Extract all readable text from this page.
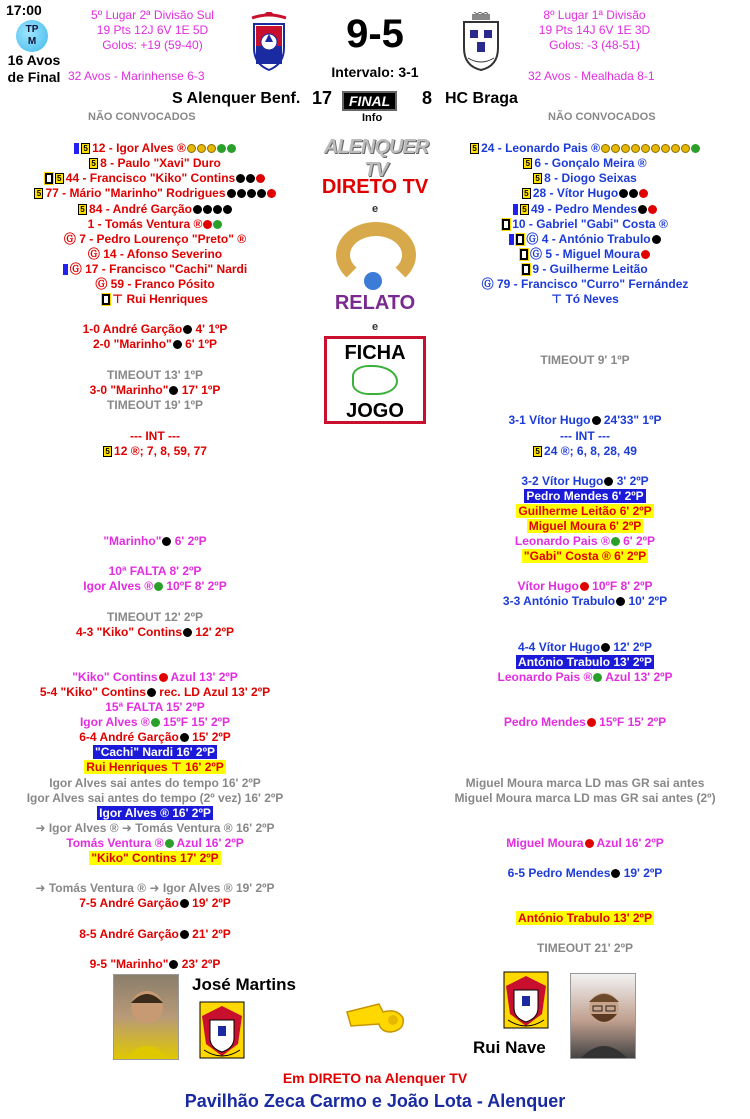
17:00
TP
M
16 Avos de Final
5º Lugar 2ª Divisão Sul
19 Pts 12J 6V 1E 5D
Golos: +19 (59-40)
32 Avos - Marinhense 6-3
9-5
Intervalo: 3-1
8º Lugar 1ª Divisão
19 Pts 14J 6V 1E 3D
Golos: -3 (48-51)
32 Avos - Mealhada 8-1
S Alenquer Benf. 17	FINAL	8 HC Braga
Info
NÃO CONVOCADOS	NÃO CONVOCADOS
5 12 - Igor Alves ®
5 8 - Paulo "Xavi" Duro
5 44 - Francisco "Kiko" Contins
5 77 - Mário "Marinho" Rodrigues
5 84 - André Garção
1 - Tomás Ventura ®
Ⓖ 7 - Pedro Lourenço "Preto" ®
Ⓖ 14 - Afonso Severino
Ⓖ 17 - Francisco "Cachi" Nardi
Ⓖ 59 - Franco Pósito
⊤ Rui Henriques
1-0 André Garção 4' 1ºP
2-0 "Marinho" 6' 1ºP
TIMEOUT 13' 1ºP
3-0 "Marinho" 17' 1ºP
TIMEOUT 19' 1ºP
--- INT ---
5 12 ®; 7, 8, 59, 77
"Marinho" 6' 2ºP
10ª FALTA 8' 2ºP
Igor Alves ® 10ºF 8' 2ºP
TIMEOUT 12' 2ºP
4-3 "Kiko" Contins 12' 2ºP
"Kiko" Contins Azul 13' 2ºP
5-4 "Kiko" Contins rec. LD Azul 13' 2ºP
15ª FALTA 15' 2ºP
Igor Alves ® 15ºF 15' 2ºP
6-4 André Garção 15' 2ºP
"Cachi" Nardi 16' 2ºP
Rui Henriques ⊤ 16' 2ºP
Igor Alves sai antes do tempo 16' 2ºP
Igor Alves sai antes do tempo (2º vez) 16' 2ºP
Igor Alves ® 16' 2ºP
➜ Igor Alves ® ➜ Tomás Ventura ® 16' 2ºP
Tomás Ventura ® Azul 16' 2ºP
"Kiko" Contins 17' 2ºP
➜ Tomás Ventura ® ➜ Igor Alves ® 19' 2ºP
7-5 André Garção 19' 2ºP
8-5 André Garção 21' 2ºP
9-5 "Marinho" 23' 2ºP
5 24 - Leonardo Pais ®
5 6 - Gonçalo Meira ®
5 8 - Diogo Seixas
5 28 - Vítor Hugo
5 49 - Pedro Mendes
10 - Gabriel "Gabi" Costa ®
Ⓖ 4 - António Trabulo
Ⓖ 5 - Miguel Moura
9 - Guilherme Leitão
Ⓖ 79 - Francisco "Curro" Fernández
⊤ Tó Neves
TIMEOUT 9' 1ºP
3-1 Vítor Hugo 24'33" 1ºP
--- INT ---
5 24 ®; 6, 8, 28, 49
3-2 Vítor Hugo 3' 2ºP
Pedro Mendes 6' 2ºP
Guilherme Leitão 6' 2ºP
Miguel Moura 6' 2ºP
Leonardo Pais ® 6' 2ºP
"Gabi" Costa ® 6' 2ºP
Vítor Hugo 10ºF 8' 2ºP
3-3 António Trabulo 10' 2ºP
4-4 Vítor Hugo 12' 2ºP
António Trabulo 13' 2ºP
Leonardo Pais ® Azul 13' 2ºP
Pedro Mendes 15ºF 15' 2ºP
Miguel Moura marca LD mas GR sai antes
Miguel Moura marca LD mas GR sai antes (2º)
Miguel Moura Azul 16' 2ºP
6-5 Pedro Mendes 19' 2ºP
António Trabulo 13' 2ºP
TIMEOUT 21' 2ºP
ALENQUER TV
DIRETO TV
e
RELATO
e
FICHA
JOGO
José Martins
Rui Nave
Em DIRETO na Alenquer TV
Pavilhão Zeca Carmo e João Lota - Alenquer
